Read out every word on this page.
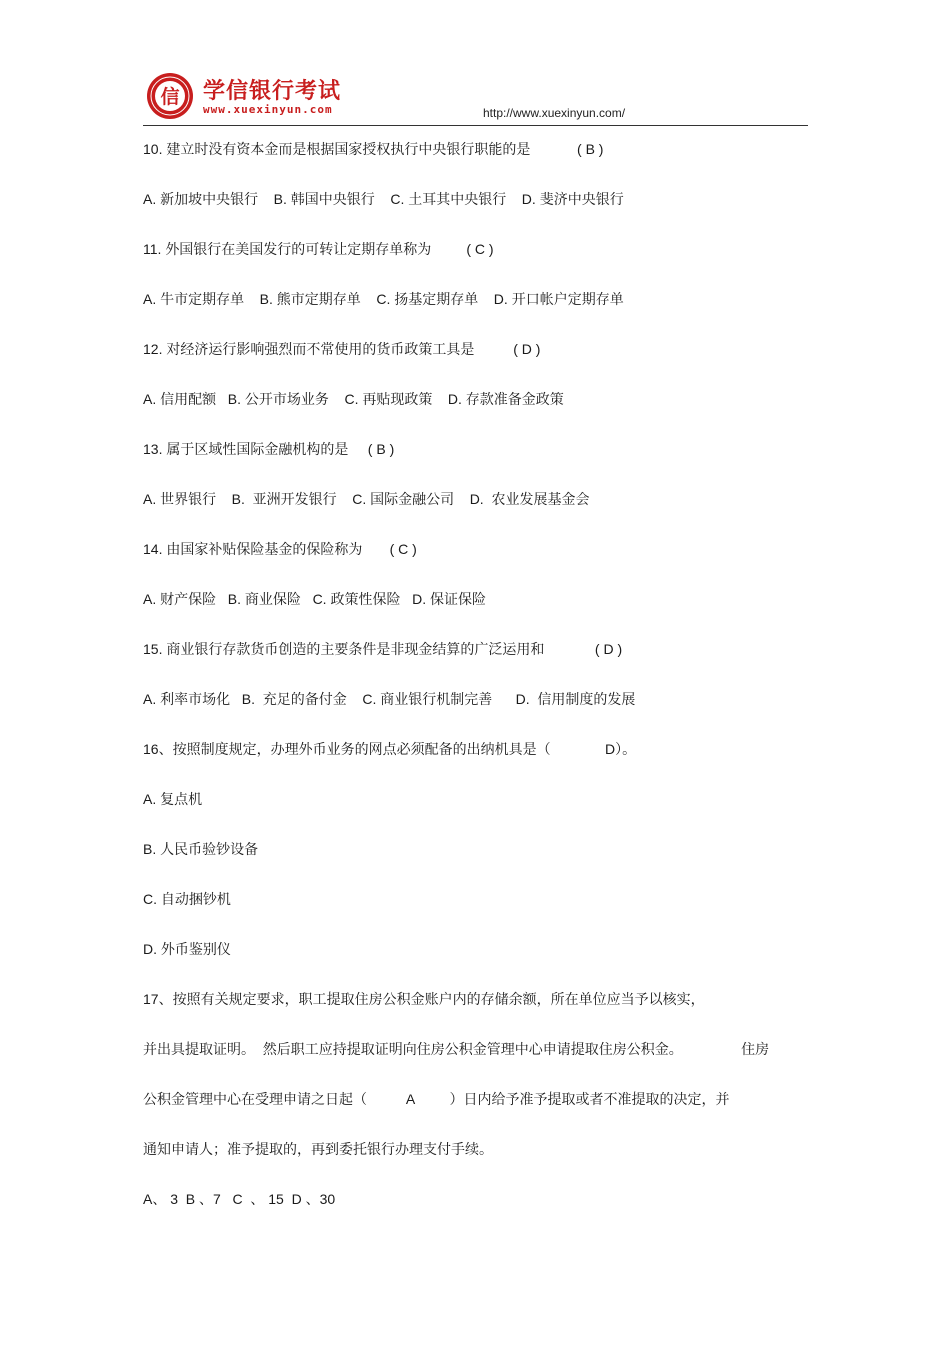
信 学信银行考试
www.xuexinyun.com	http://www.xuexinyun.com/
10. 建立时没有资本金而是根据国家授权执行中央银行职能的是            ( B )
A. 新加坡中央银行    B. 韩国中央银行    C. 土耳其中央银行    D. 斐济中央银行
11. 外国银行在美国发行的可转让定期存单称为         ( C )
A. 牛市定期存单    B. 熊市定期存单    C. 扬基定期存单    D. 开口帐户定期存单
12. 对经济运行影响强烈而不常使用的货币政策工具是          ( D )
A. 信用配额   B. 公开市场业务    C. 再贴现政策    D. 存款准备金政策
13. 属于区域性国际金融机构的是     ( B )
A. 世界银行    B.  亚洲开发银行    C. 国际金融公司    D.  农业发展基金会
14. 由国家补贴保险基金的保险称为       ( C )
A. 财产保险   B. 商业保险   C. 政策性保险   D. 保证保险
15. 商业银行存款货币创造的主要条件是非现金结算的广泛运用和             ( D )
A. 利率市场化   B.  充足的备付金    C. 商业银行机制完善      D.  信用制度的发展
16、按照制度规定，办理外币业务的网点必须配备的出纳机具是（              D）。
A. 复点机
B. 人民币验钞设备
C. 自动捆钞机
D. 外币鉴别仪
17、按照有关规定要求，职工提取住房公积金账户内的存储余额，所在单位应当予以核实，
并出具提取证明。  然后职工应持提取证明向住房公积金管理中心申请提取住房公积金。               住房
公积金管理中心在受理申请之日起（          A         ）日内给予准予提取或者不准提取的决定，并
通知申请人；准予提取的，再到委托银行办理支付手续。
A、 3  B 、7   C  、 15  D 、30
